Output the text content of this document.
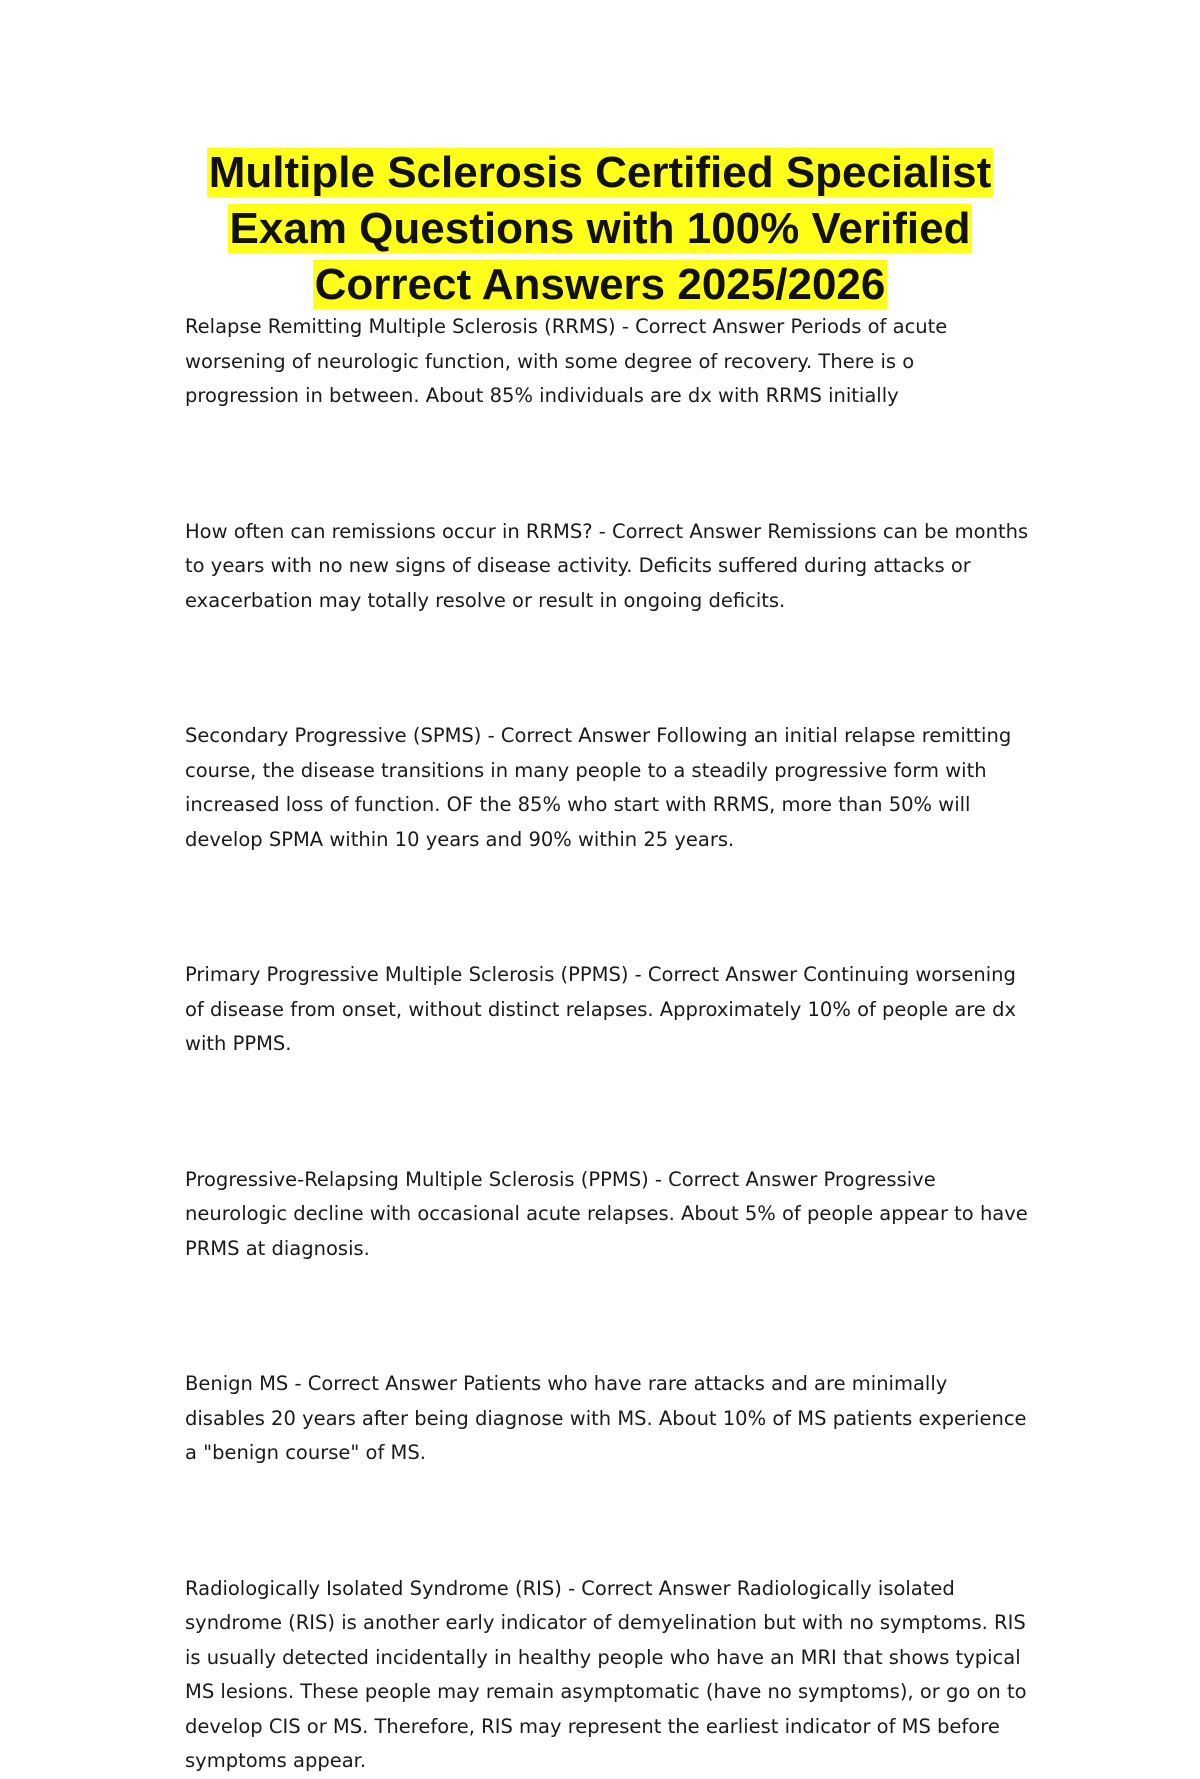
Multiple Sclerosis Certified Specialist
Exam Questions with 100% Verified
Correct Answers 2025/2026

Relapse Remitting Multiple Sclerosis (RRMS) - Correct Answer Periods of acute worsening of neurologic function, with some degree of recovery. There is o progression in between. About 85% individuals are dx with RRMS initially

How often can remissions occur in RRMS? - Correct Answer Remissions can be months to years with no new signs of disease activity. Deficits suffered during attacks or exacerbation may totally resolve or result in ongoing deficits.

Secondary Progressive (SPMS) - Correct Answer Following an initial relapse remitting course, the disease transitions in many people to a steadily progressive form with increased loss of function. OF the 85% who start with RRMS, more than 50% will develop SPMA within 10 years and 90% within 25 years.

Primary Progressive Multiple Sclerosis (PPMS) - Correct Answer Continuing worsening of disease from onset, without distinct relapses. Approximately 10% of people are dx with PPMS.

Progressive-Relapsing Multiple Sclerosis (PPMS) - Correct Answer Progressive neurologic decline with occasional acute relapses. About 5% of people appear to have PRMS at diagnosis.

Benign MS - Correct Answer Patients who have rare attacks and are minimally disables 20 years after being diagnose with MS. About 10% of MS patients experience a "benign course" of MS.

Radiologically Isolated Syndrome (RIS) - Correct Answer Radiologically isolated syndrome (RIS) is another early indicator of demyelination but with no symptoms. RIS is usually detected incidentally in healthy people who have an MRI that shows typical MS lesions. These people may remain asymptomatic (have no symptoms), or go on to develop CIS or MS. Therefore, RIS may represent the earliest indicator of MS before symptoms appear.
